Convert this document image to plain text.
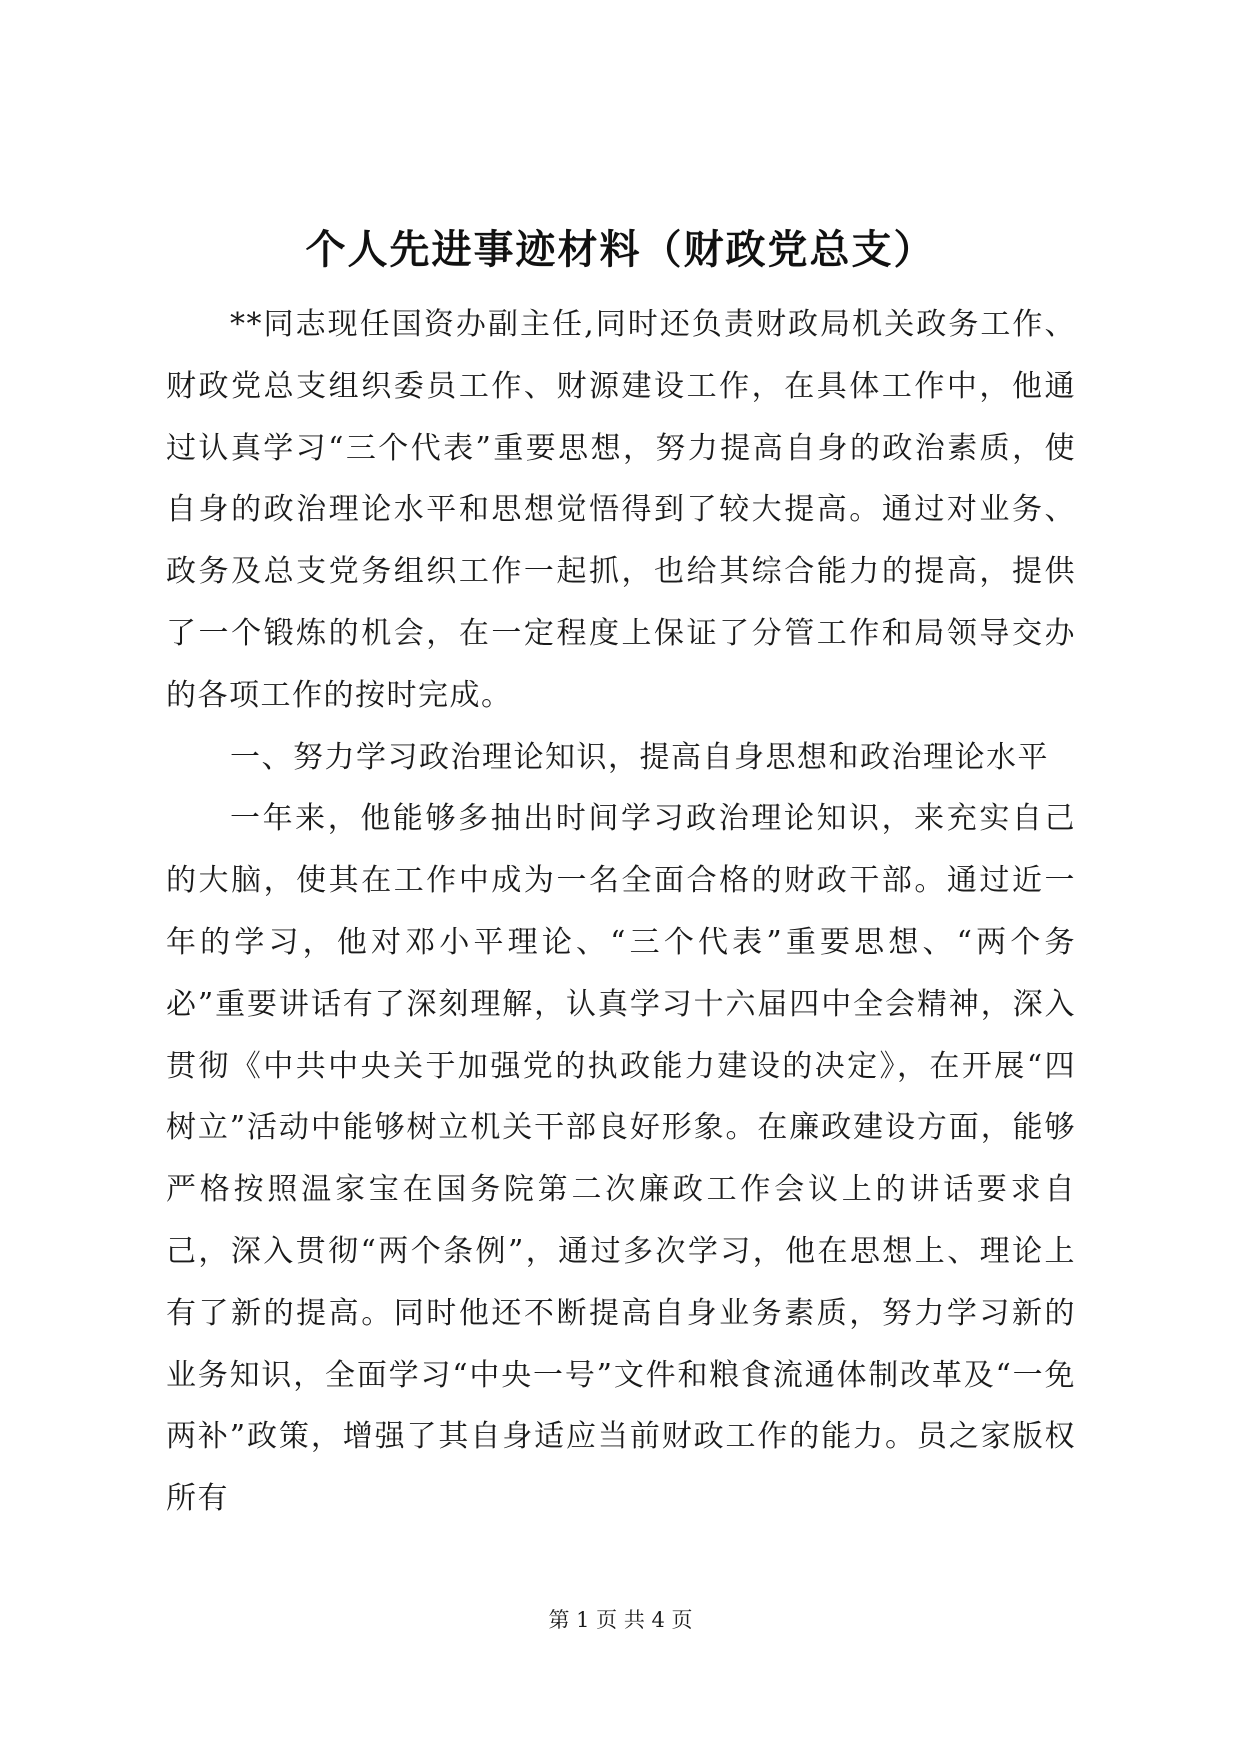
个人先进事迹材料（财政党总支）

**同志现任国资办副主任,同时还负责财政局机关政务工作、财政党总支组织委员工作、财源建设工作，在具体工作中，他通过认真学习“三个代表”重要思想，努力提高自身的政治素质，使自身的政治理论水平和思想觉悟得到了较大提高。通过对业务、政务及总支党务组织工作一起抓，也给其综合能力的提高，提供了一个锻炼的机会，在一定程度上保证了分管工作和局领导交办的各项工作的按时完成。

一、努力学习政治理论知识，提高自身思想和政治理论水平

一年来，他能够多抽出时间学习政治理论知识，来充实自己的大脑，使其在工作中成为一名全面合格的财政干部。通过近一年的学习，他对邓小平理论、“三个代表”重要思想、“两个务必”重要讲话有了深刻理解，认真学习十六届四中全会精神，深入贯彻《中共中央关于加强党的执政能力建设的决定》，在开展“四树立”活动中能够树立机关干部良好形象。在廉政建设方面，能够严格按照温家宝在国务院第二次廉政工作会议上的讲话要求自己，深入贯彻“两个条例”，通过多次学习，他在思想上、理论上有了新的提高。同时他还不断提高自身业务素质，努力学习新的业务知识，全面学习“中央一号”文件和粮食流通体制改革及“一免两补”政策，增强了其自身适应当前财政工作的能力。员之家版权所有

第 1 页 共 4 页
